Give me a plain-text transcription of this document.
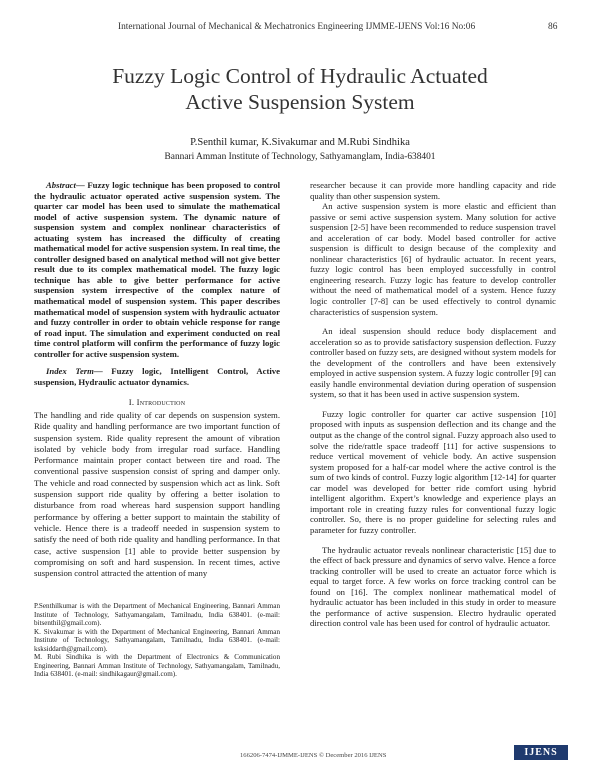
International Journal of Mechanical & Mechatronics Engineering IJMME-IJENS Vol:16 No:06	86
Fuzzy Logic Control of Hydraulic Actuated
Active Suspension System
P.Senthil kumar, K.Sivakumar and M.Rubi Sindhika
Bannari Amman Institute of Technology, Sathyamanglam, India-638401

Abstract— Fuzzy logic technique has been proposed to control the hydraulic actuator operated active suspension system. The quarter car model has been used to simulate the mathematical model of active suspension system. The dynamic nature of suspension system and complex nonlinear characteristics of actuating system has increased the difficulty of creating mathematical model for active suspension system. In real time, the controller designed based on analytical method will not give better result due to its complex mathematical model. The fuzzy logic technique has able to give better performance for active suspension system irrespective of the complex nature of mathematical model of suspension system. This paper describes mathematical model of suspension system with hydraulic actuator and fuzzy controller in order to obtain vehicle response for range of road input. The simulation and experiment conducted on real time control platform will confirm the performance of fuzzy logic controller for active suspension system.

Index Term— Fuzzy logic, Intelligent Control, Active suspension, Hydraulic actuator dynamics.

I. Introduction

The handling and ride quality of car depends on suspension system. Ride quality and handling performance are two important function of suspension system. Ride quality represent the amount of vibration isolated by vehicle body from irregular road surface. Handling Performance maintain proper contact between tire and road. The conventional passive suspension consist of spring and damper only. The vehicle and road connected by suspension which act as link. Soft suspension support ride quality by offering a better isolation to disturbance from road whereas hard suspension support handling performance by offering a better support to maintain the stability of vehicle. Hence there is a tradeoff needed in suspension system to satisfy the need of both ride quality and handling performance. In that case, active suspension [1] able to provide better suspension by compromising on soft and hard suspension. In recent times, active suspension control attracted the attention of many

P.Senthilkumar is with the Department of Mechanical Engineering, Bannari Amman Institute of Technology, Sathyamangalam, Tamilnadu, India 638401. (e-mail: bitsenthil@gmail.com).

K. Sivakumar is with the Department of Mechanical Engineering, Bannari Amman Institute of Technology, Sathyamangalam, Tamilnadu, India 638401. (e-mail: ksksiddarth@gmail.com).

M. Rubi Sindhika is with the Department of Electronics & Communication Engineering, Bannari Amman Institute of Technology, Sathyamangalam, Tamilnadu, India 638401. (e-mail: sindhikagaur@gmail.com).

researcher because it can provide more handling capacity and ride quality than other suspension system.

An active suspension system is more elastic and efficient than passive or semi active suspension system. Many solution for active suspension [2-5] have been recommended to reduce suspension travel and acceleration of car body. Model based controller for active suspension is difficult to design because of the complexity and nonlinear characteristics [6] of hydraulic actuator. In recent years, fuzzy logic control has been employed successfully in control engineering research. Fuzzy logic has feature to develop controller without the need of mathematical model of a system. Hence fuzzy logic controller [7-8] can be used effectively to control dynamic characteristics of suspension system.

An ideal suspension should reduce body displacement and acceleration so as to provide satisfactory suspension deflection. Fuzzy controller based on fuzzy sets, are designed without system models for the development of the controllers and have been extensively employed in active suspension system. A fuzzy logic controller [9] can easily handle environmental deviation during operation of suspension system, so that it has been used in active suspension system.

Fuzzy logic controller for quarter car active suspension [10] proposed with inputs as suspension deflection and its change and the output as the change of the control signal. Fuzzy approach also used to solve the ride/rattle space tradeoff [11] for active suspensions to reduce vertical movement of vehicle body. An active suspension system proposed for a half-car model where the active control is the sum of two kinds of control. Fuzzy logic algorithm [12-14] for quarter car model was developed for better ride comfort using hybrid intelligent algorithm. Expert’s knowledge and experience plays an important role in creating fuzzy rules for conventional fuzzy logic controller. So, there is no proper guideline for selecting rules and parameter for fuzzy controller.

The hydraulic actuator reveals nonlinear characteristic [15] due to the effect of back pressure and dynamics of servo valve. Hence a force tracking controller will be used to create an actuator force which is equal to target force. A few works on force tracking control can be found on [16]. The complex nonlinear mathematical model of hydraulic actuator has been included in this study in order to measure the performance of active suspension. Electro hydraulic operated direction control vale has been used for control of hydraulic actuator.

166206-7474-IJMME-IJENS © December 2016 IJENS	IJENS
